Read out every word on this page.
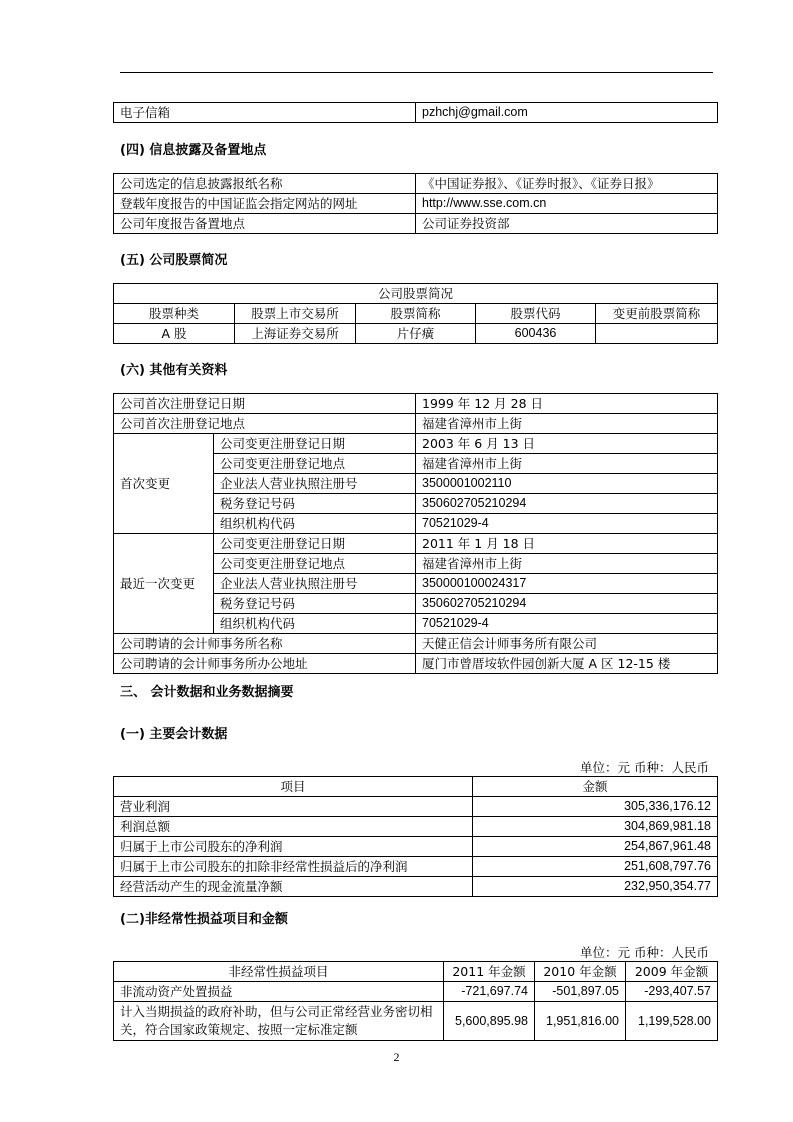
电子信箱	pzhchj@gmail.com
(四) 信息披露及备置地点
公司选定的信息披露报纸名称	《中国证券报》、《证券时报》、《证券日报》
登载年度报告的中国证监会指定网站的网址	http://www.sse.com.cn
公司年度报告备置地点	公司证券投资部
(五) 公司股票简况
公司股票简况				
股票种类	股票上市交易所	股票简称	股票代码	变更前股票简称
A 股	上海证券交易所	片仔癀	600436	
(六) 其他有关资料
公司首次注册登记日期		1999 年 12 月 28 日
公司首次注册登记地点		福建省漳州市上街
首次变更	公司变更注册登记日期	2003 年 6 月 13 日
	公司变更注册登记地点	福建省漳州市上街
	企业法人营业执照注册号	3500001002110
	税务登记号码	350602705210294
	组织机构代码	70521029-4
最近一次变更	公司变更注册登记日期	2011 年 1 月 18 日
	公司变更注册登记地点	福建省漳州市上街
	企业法人营业执照注册号	350000100024317
	税务登记号码	350602705210294
	组织机构代码	70521029-4
公司聘请的会计师事务所名称		天健正信会计师事务所有限公司
公司聘请的会计师事务所办公地址		厦门市曾厝垵软件园创新大厦 A 区 12-15 楼
三、 会计数据和业务数据摘要
(一) 主要会计数据
单位：元 币种：人民币
项目	金额
营业利润	305,336,176.12
利润总额	304,869,981.18
归属于上市公司股东的净利润	254,867,961.48
归属于上市公司股东的扣除非经常性损益后的净利润	251,608,797.76
经营活动产生的现金流量净额	232,950,354.77
(二)非经常性损益项目和金额
单位：元 币种：人民币
非经常性损益项目	2011 年金额	2010 年金额	2009 年金额
非流动资产处置损益	-721,697.74	-501,897.05	-293,407.57
计入当期损益的政府补助，但与公司正常经营业务密切相关，符合国家政策规定、按照一定标准定额	5,600,895.98	1,951,816.00	1,199,528.00
2
